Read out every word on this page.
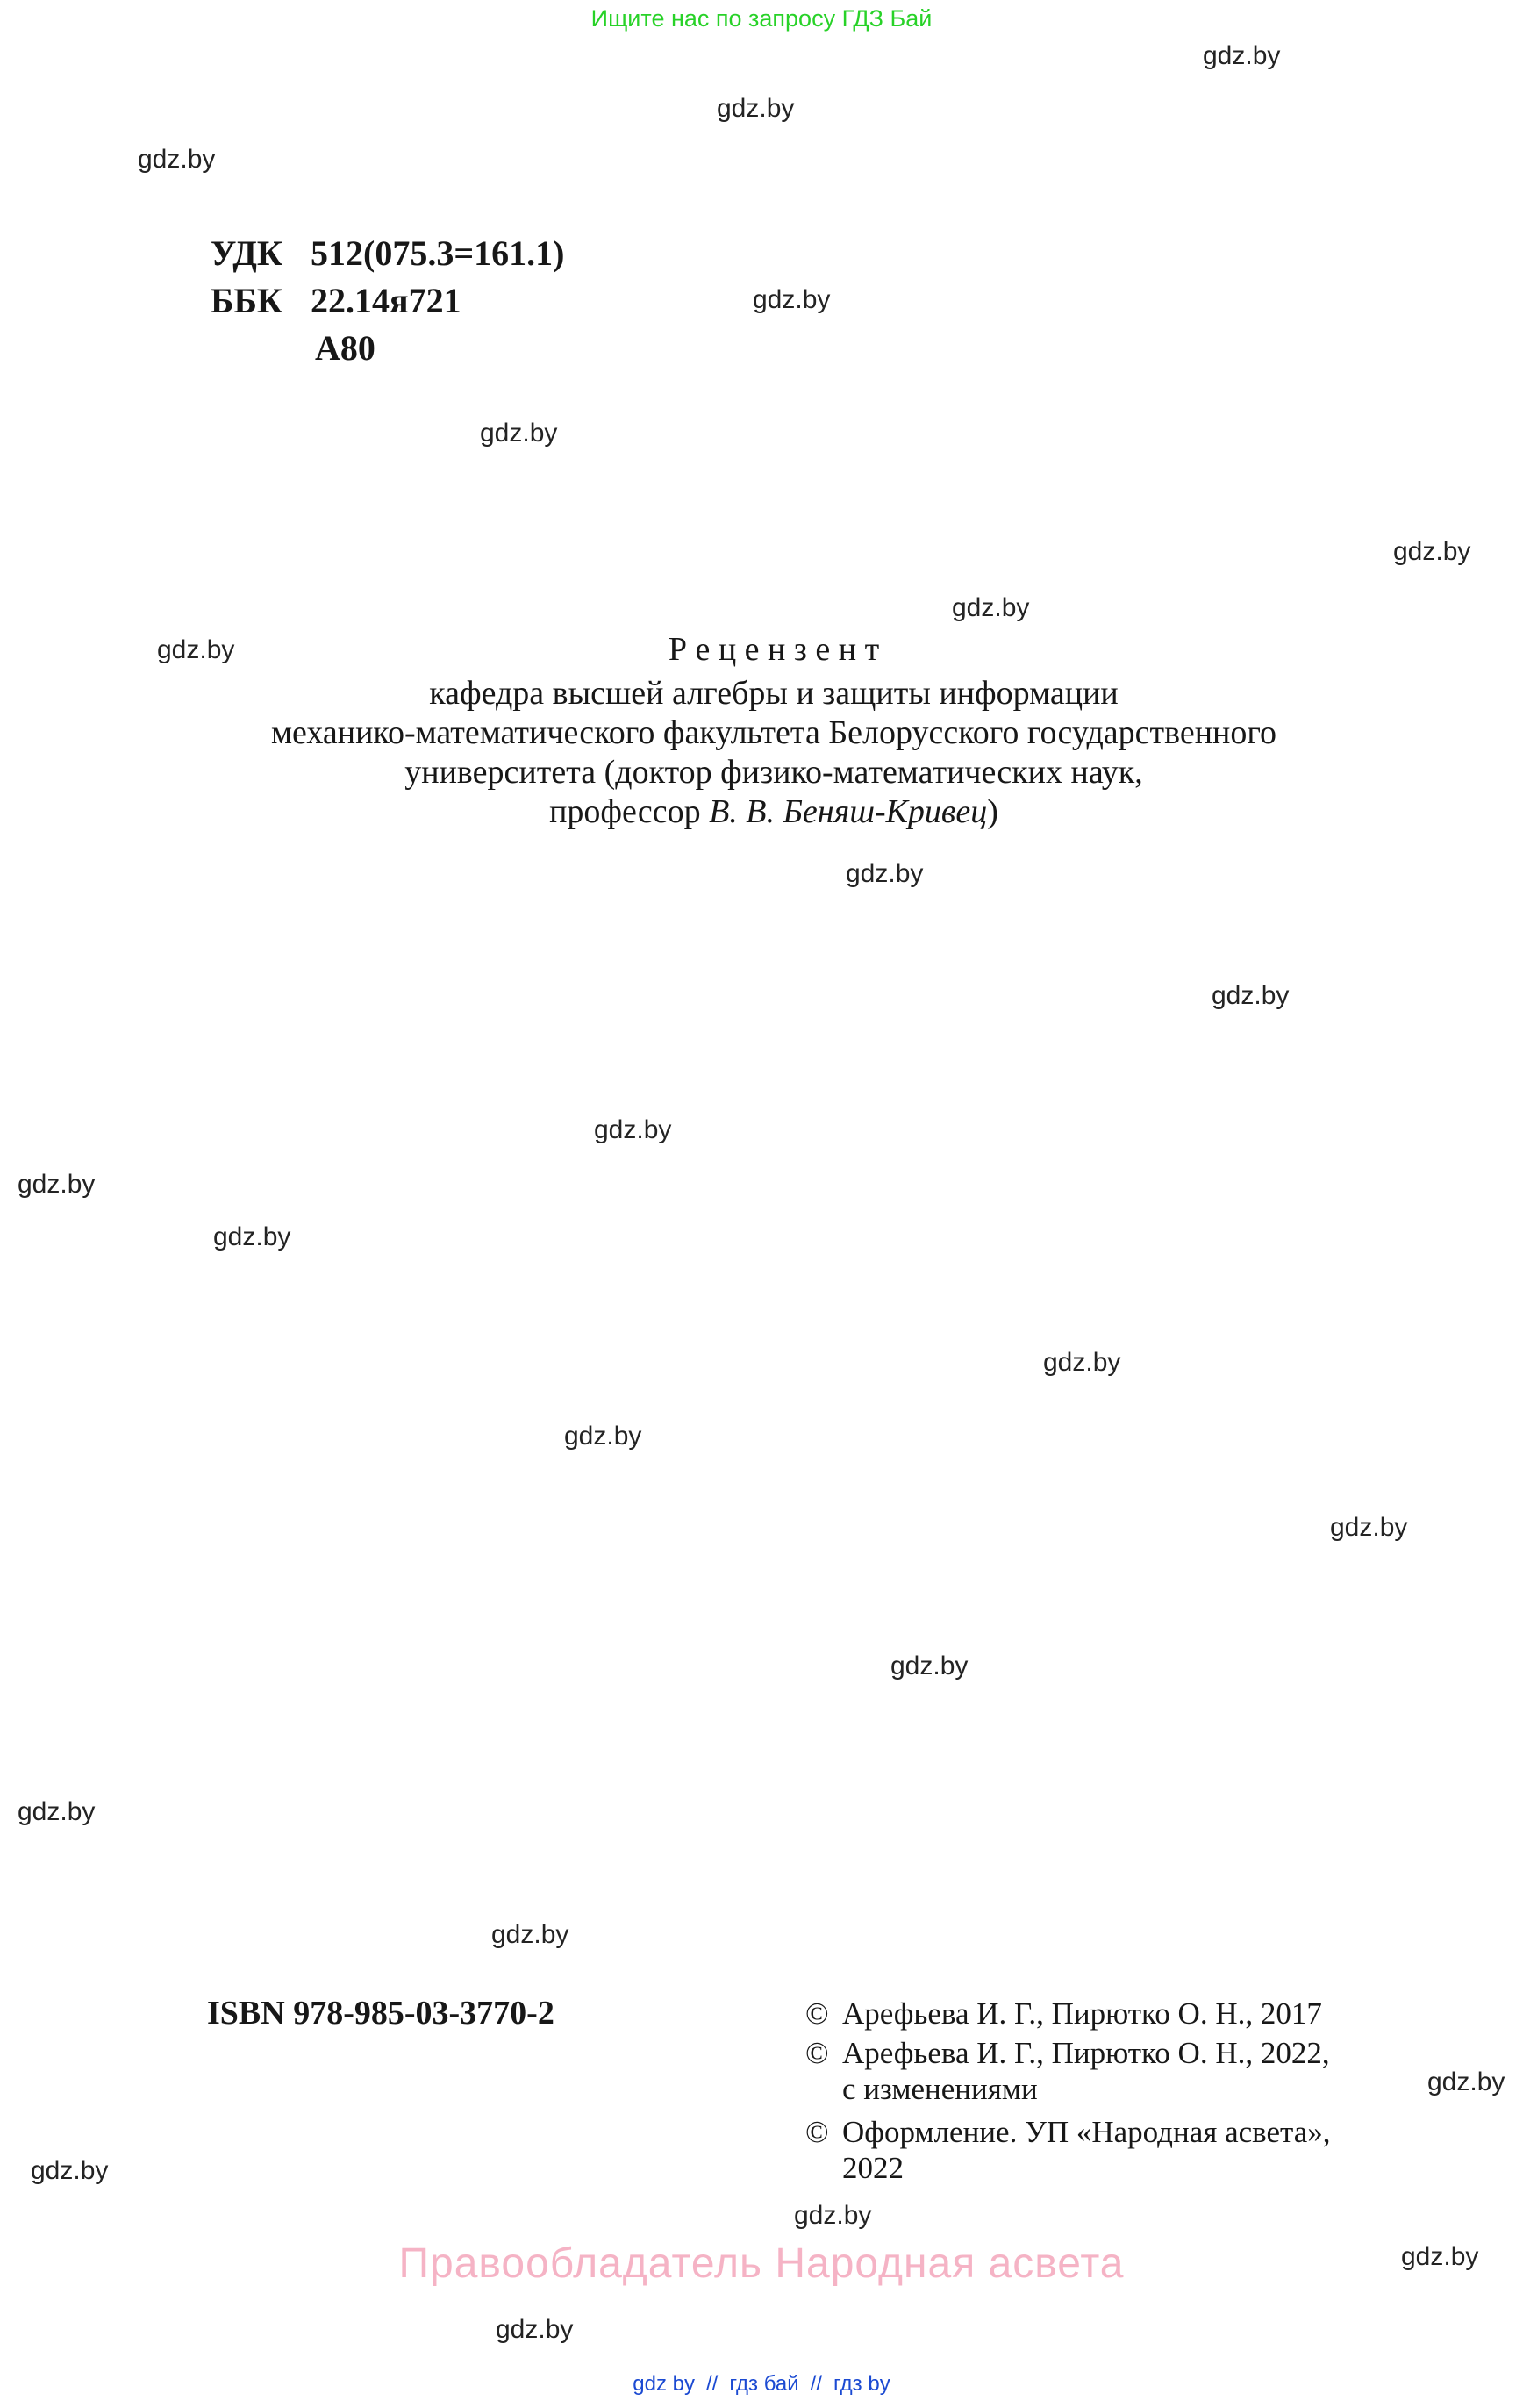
Ищите нас по запросу ГДЗ Бай
gdz.by
gdz.by
gdz.by
gdz.by
gdz.by
gdz.by
gdz.by
gdz.by
gdz.by
gdz.by
gdz.by
gdz.by
gdz.by
gdz.by
gdz.by
gdz.by
gdz.by
gdz.by
gdz.by
gdz.by
gdz.by
gdz.by
gdz.by
gdz.by
УДК 512(075.3=161.1)
ББК 22.14я721
А80
Р е ц е н з е н т
кафедра высшей алгебры и защиты информации
механико-математического факультета Белорусского государственного
университета (доктор физико-математических наук,
профессор В. В. Беняш-Кривец)
ISBN 978-985-03-3770-2	© Арефьева И. Г., Пирютко О. Н., 2017
© Арефьева И. Г., Пирютко О. Н., 2022,
с изменениями
© Оформление. УП «Народная асвета»,
2022
Правообладатель Народная асвета
gdz by // гдз бай // гдз by
